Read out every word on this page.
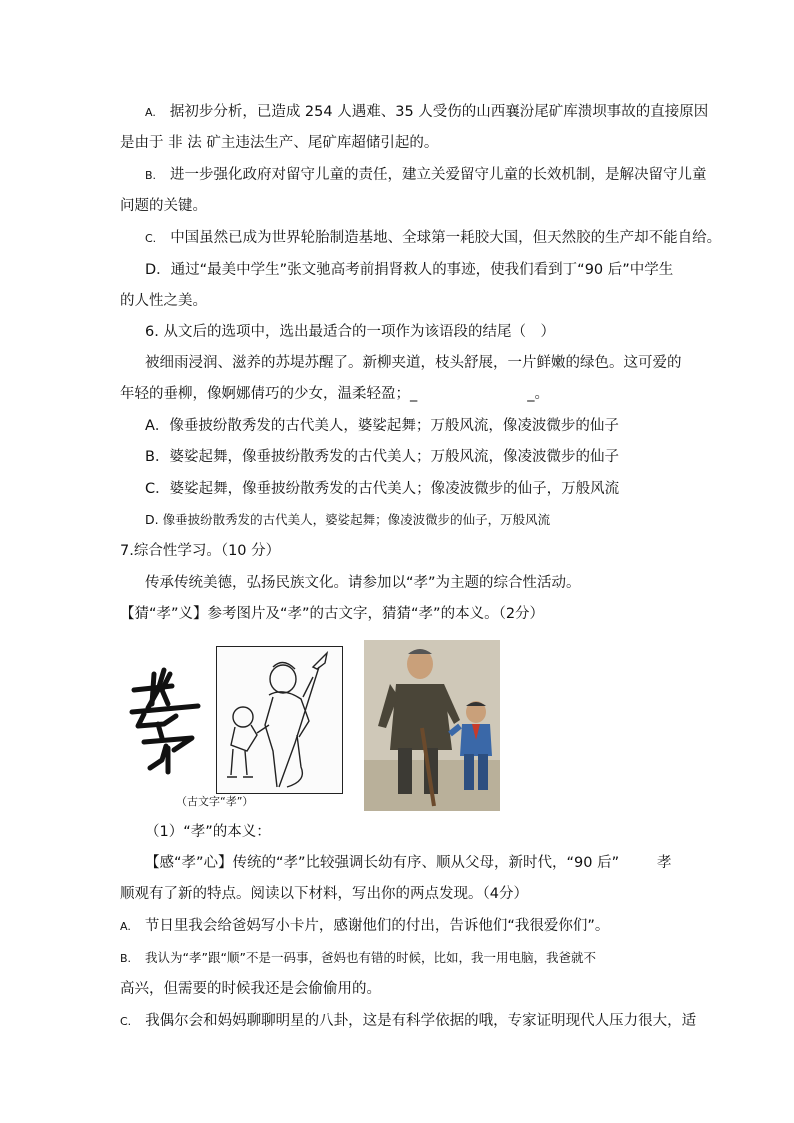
A. 据初步分析，已造成 254 人遇难、35 人受伤的山西襄汾尾矿库溃坝事故的直接原因
是由于 非 法 矿主违法生产、尾矿库超储引起的。
B. 进一步强化政府对留守儿童的责任，建立关爱留守儿童的长效机制，是解决留守儿童
问题的关键。
C. 中国虽然已成为世界轮胎制造基地、全球第一耗胶大国，但天然胶的生产却不能自给。
D．通过“最美中学生”张文驰高考前捐肾救人的事迹，使我们看到丁“90 后”中学生
的人性之美。
6. 从文后的选项中，选出最适合的一项作为该语段的结尾（　）
被细雨浸润、滋养的苏堤苏醒了。新柳夹道，枝头舒展，一片鲜嫩的绿色。这可爱的
年轻的垂柳，像婀娜倩巧的少女，温柔轻盈；_	_。
A．像垂披纷散秀发的古代美人，婆娑起舞；万般风流，像凌波微步的仙子
B．婆娑起舞，像垂披纷散秀发的古代美人；万般风流，像凌波微步的仙子
C．婆娑起舞，像垂披纷散秀发的古代美人；像凌波微步的仙子，万般风流
D. 像垂披纷散秀发的古代美人，婆娑起舞；像凌波微步的仙子，万般风流
7.综合性学习。（10 分）
传承传统美德，弘扬民族文化。请参加以“孝”为主题的综合性活动。
【猜“孝”义】参考图片及“孝”的古文字，猜猜“孝”的本义。（2分）
（古文字“孝”）
（1）“孝”的本义：
【感“孝”心】传统的“孝”比较强调长幼有序、顺从父母，新时代，“90 后”	孝
顺观有了新的特点。阅读以下材料，写出你的两点发现。（4分）
A. 节日里我会给爸妈写小卡片，感谢他们的付出，告诉他们“我很爱你们”。
B. 我认为“孝”跟“顺”不是一码事，爸妈也有错的时候，比如，我一用电脑，我爸就不
高兴，但需要的时候我还是会偷偷用的。
C. 我偶尔会和妈妈聊聊明星的八卦，这是有科学依据的哦，专家证明现代人压力很大，适
